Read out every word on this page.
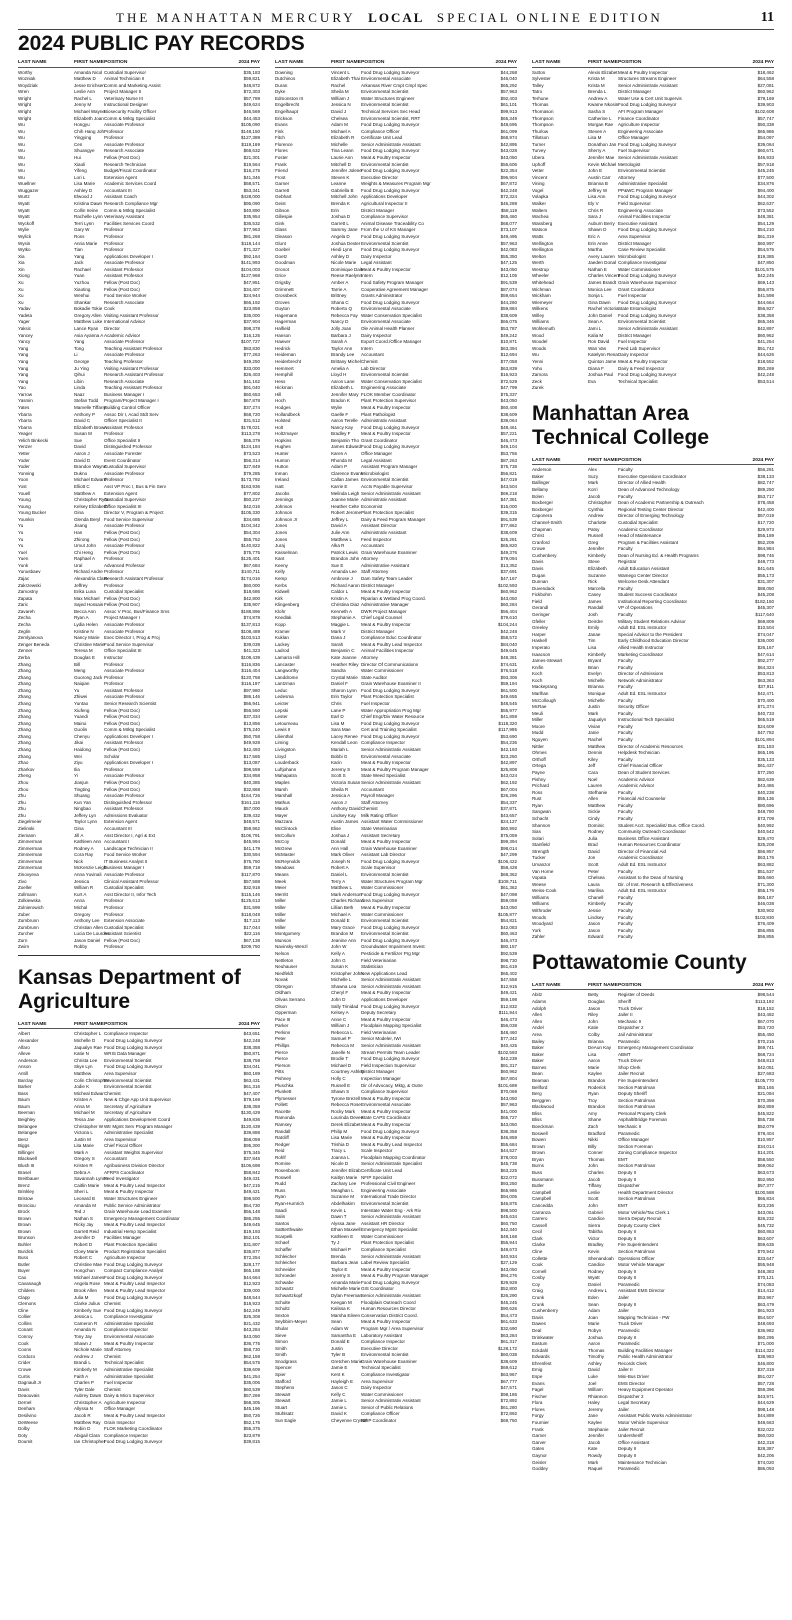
THE MANHATTAN MERCURY LOCAL SPECIAL ONLINE EDITION	11
2024 PUBLIC PAY RECORDS
LAST NAME	FIRST NAME POSITION	2024 PAY
Worthy	Amanda Nicol Custodial Supervisor	$35,183
Wozniak	Matthew D	Animal Technician II	$59,821
Woydziak	Jesse Erichsen Comm and Marketing Assist	$48,872
Wren	Leslie Ann	Project Manager II	$72,303
Wright	Rachel L	Veterinary Nurse III	$57,789
Wright	Jenny M	Instructional Designer	$49,624
Wright	Michael Wayne Biosecurity Facility Officer	$46,569
Wright	Elizabeth Joan Comm & Mrktg Specialist	$44,453
Wu	Hongyu	Associate Professor	$105,090
Wu	Chih Hang Joh Professor	$148,150
Wu	Yingying	Professor	$127,389
Wu	Cen	Associate Professor	$119,169
Wu	Shuangye	Research Associate	$68,632
Wu	Hui	Fellow (Post Doc)	$21,301
Wu	Xiaoli	Research Technician	$19,564
Wu	Yifeng	Budget/Fiscal Coordinator	$16,275
Wu	Lori L	Extension Agent	$41,346
Wuellner	Lisa Marie	Academic Services Coord	$58,571
Wuggazer	Ashley D	Accountant III	$53,341
Wurtz	Elwood J	Assistant Coach	$428,000
Wyatt	Kristina Dawn Research Compliance Mgr	$95,090
Wyatt	Collin Ireine	Comm & Mrktg Specialist	$40,890
Wyatt	Rachelle Lynn Veterinary Assistant	$35,954
Wyckoff	Terri Lynn	Facilities Services Coord	$36,532
Wylie	Gary W	Professor	$77,963
Wylick	Ross	Professor	$81,268
Wysin	Anna Marie	Professor	$118,144
Wytko	Tian	Professor	$71,327
Xia	Yang	Applications Developer I	$92,164
Xia	Jack	Associate Professor	$141,993
Xin	Rachael	Assistant Professor	$104,003
Xiong	Yuan	Assistant Professor	$127,968
Xu	Yuzhou	Fellow (Post Doc)	$47,951
Xu	Xiaoting	Fellow (Post Doc)	$34,407
Xu	Wenhui	Food Service Worker	$24,944
Xu	Shankar	Research Associate	$66,192
Yadav	Bokadie Tokie Cook	$23,859
Yadeta	Gregory Allen Visiting Assistant Professor	$35,000
Yager	Matthew Luke International Advisor	$37,904
Yaksic	Lance Ryan	Director	$98,378
Yancey	Asia Ayanna A Academic Advisor	$16,125
Yancy	Yang	Associate Professor	$107,727
Yang	Tong	Teaching Assistant Professor	$83,830
Yang	Li	Associate Professor	$77,263
Yang	George	Teaching Professor	$49,250
Yang	Ju Ying	Visiting Assistant Professor	$33,000
Yang	Qihui	Research Assistant Professor	$26,403
Yang	Libin	Research Associate	$41,162
Yao	Linda	Teaching Assistant Professor	$91,040
Yarrow	Naaz	Business Manager I	$60,653
Yasmin	Stefan Todd	Program/Project Manager I	$67,878
Yates	Marvelle Tiffany
Building Control Officer	$37,274
Ybarra	Anthony P	Assoc Dir I, Acad Stdt Serv	$68,720
Ybarra	David C	Officer Specialist II	$31,512
Ybarra	Elizabeth Brown
Assistant Professor	$178,021
Yeager	Susan M	Professor	$113,278
Yelich Binkecki	Sue	Office Specialist II	$65,379
Yenzer	David	Distinguished Professor	$124,184
Yetter	Aaron J	Associate Forester	$73,523
Yoder	David D	Event Coordinator	$56,314
Yoder	Brandon Wayne
Custodial Supervisor	$27,849
Yonning	Dukno	Associate Professor	$79,285
Yoon	Michael Edward
Professor	$173,792
Yost	Elliott C	Asst VP Proc I, Bus & Fin Serv	$163,936
Youell	Matthew A	Extension Agent	$77,802
Young	Christopher Ryan
Custodial Supervisor	$50,237
Young	Kelsey Elizabeth
Office Specialist III	$42,016
Young Bucker	Gina	Director V, Program & Project	$105,330
Younkin	Glenda Beryl Food Service Supervisor	$34,685
Yu	Jisang	Associate Professor	$104,342
Yu	Han	Fellow (Post Doc)	$54,304
Yu	Zhirong	Fellow (Post Doc)	$55,752
Yu	Umut John	Associate Professor	$140,822
Yuel	Chi Heng	Fellow (Post Doc)	$75,775
Yuen	Raphael A	Professor	$125,401
Yunk	Ural	Advanced Professor	$67,684
Yunusbaev	Richard Andre Professor	$140,711
Zajac	Alexandria Clare
Research Assistant Professor	$174,016
Zakrzewski	Jeffrey	Professor	$60,000
Zamostny	Erika Luna	Custodial Specialist	$18,686
Zapata	Max Michael Fellow (Post Doc)	$42,800
Zaric	Sajed Hossain Fellow (Post Doc)	$35,907
Zavareh	Becca Ann	Assoc V Proc, Bus/Finance Srvs	$188,896
Zecha	Ryan A	Project Manager I	$74,878
Zecha	Lydia Helen	Associate Professor	$137,813
Zeglin	Kristine N	Associate Professor	$108,489
Zemlyanova	Nancy Marie Exec Director I, Prog & Proj	$103,513
Zenger Beneda	Christine Marie Food Service Supervisor	$39,039
Zenner	Teresa M	Office Specialist III	$41,323
Zerba	Douglas E	Instructor	$108,439
Zhang	Bill	Professor	$116,836
Zhang	Meng	Associate Professor	$116,404
Zhang	Guorong Jack Professor	$120,758
Zhang	Naiqian	Professor	$116,197
Zhang	Yu	Assistant Professor	$97,980
Zhang	Zhiwei	Associate Professor	$86,146
Zhang	Yuntao	Senior Research Scientist	$66,941
Zhang	Xiufeng	Fellow (Post Doc)	$56,560
Zhang	Yuandi	Fellow (Post Doc)	$37,334
Zhang	Mairui	Fellow (Post Doc)	$13,856
Zhang	Guolin	Comm & Mrktg Specialist	$75,240
Zhang	Chenyu	Applications Developer I	$50,758
Zhang	Jikai	Assistant Professor	$49,928
Zhang	Haidong	Fellow (Post Doc)	$42,493
Zhang	Wei	Scholar	$17,565
Zhao	Ziyu	Applications Developer I	$13,087
Zharkov	Ilia	Professor	$98,559
Zheng	Yi	Associate Professor	$34,958
Zhou	Jianjun	Fellow (Post Doc)	$40,385
Zhou	Tingting	Fellow (Post Doc)	$32,868
Zhu	Shuang	Associate Professor	$164,726
Zhu	Kun Yan	Distinguished Professor	$161,116
Zhu	Ningbao	Assistant Professor	$57,000
Zhu	Jeffery Lyn	Admissions Evaluator	$39,432
Ziegelmeier	Taylor Lynn	Extension Agent	$48,571
Zielinski	Gina	Accountant III	$59,962
Ziemann	Jill A	Asst Director I, Agri & Ext	$106,791
Zimmerman	Kathleen Ann Accountant I	$45,994
Zimmerman	Rodney A	Landscape Technician II	$41,179
Zimmerman	Cora Ray	Food Service Worker	$30,594
Zimmerman	Nick	IT Business Analyst II	$76,750
Zimmerman	McKenzie Leigh
Business Manager I	$59,718
Zinovyeva	Anna Yuvinali Associate Professor	$117,870
Zivo	Jessica	Clinical Assistant Professor	$57,588
Zoeller	William R	Custodial Specialist	$32,918
Zollmann	Kurt A	Asst Director II, Infor Tech	$115,146
Zolkiewska	Anna	Professor	$125,613
Zolnierowich	Michal	Professor	$31,599
Zuber	Gregory	Professor	$118,048
Zumbrunn	Anthony Lee Extension Associate	$17,113
Zumbrunn	Christian Allen Custodial Specialist	$17,044
Zurcher	Lucia De Lourdes
Assistant Scientist	$22,116
Zurn	Jason Daniel Fellow (Post Doc)	$67,138
Zwirn	Robby	Professor	$209,750
Kansas Department of Agriculture
LAST NAME	FIRST NAME POSITION	2024 PAY
Albert	Christopher L Compliance Inspector	$43,651
Alexander	Michelle D	Food Drug Lodging Surveyor	$42,248
Alfaro	Jaqualyn Rae Food Drug Lodging Surveyor	$38,358
Alleve	Katie N	WRIS Data Manager	$50,871
Anderson	Christa Lee	Environmental Scientist	$38,759
Anson	Skye Lyn	Food Drug Lodging Surveyor	$34,041
Antill	Matthew	Area Supervisor	$60,189
Barclay	Colin Christopher
Environmental Scientist	$63,431
Barker	Jodie K	Environmental Scientist	$61,316
Bass	Micheal Edwar Chemist	$47,407
Baum	Kristen A	New & Chge App Unit Supervisor	$79,169
Baum	Anna M	Secretary of Agriculture	$38,358
Beeman	Michael M	Secretary of Agriculture	$130,429
Beighley	Tessa Jae	Applications Development Coord	$49,836
Belangee	Christopher W Wtr Mgmt Serv Program Manager	$120,439
Belangee	Victoria L	Administrative Specialist	$39,888
Benz	Justin M	Area Supervisor	$58,059
Biggs	Lita Marie	Chief Fiscal Officer	$95,300
Billinger	Mark A	Assistant Weights Supervisor	$75,345
Blackwell	Gregory S	Accountant	$37,845
Blush III	Kristen R	Agribusiness Division Director	$106,698
Brasel	Debra A	AFRPS Coordinator	$58,842
Breitbauer	Savannah Lynne
Feed Investigator	$49,431
Brenz	Caitlin Marie	Meat & Poultry Lead Inspector	$47,215
Brinkley	Sheri L	Meat & Poultry Inspector	$49,421
Bristow	Leonard B	Water Structures Engineer	$98,500
Brosciou	Amanda M	Public Service Administrator	$54,730
Brock	Ted J	Grain Warehouse Lead Examiner	$56,148
Brown	Nathan S	Emergency Management Coordinator	$86,255
Brown	Ricky Jay	Meat & Poultry Lead Inspector	$49,645
Brown	Garrett Reid	Industrial Hemp Specialist	$19,193
Brunson	Jennifer D	Facilities Manager	$52,101
Buhler	Robert D	Plant Protection Specialist	$31,807
Burdick	Cloey Marie	Product Registration Specialist	$35,877
Buss	Robert C	Agriculture Inspector	$72,254
Butler	Christine Mae Food Drug Lodging Surveyor	$28,177
Buyer	Hongchun	Compact Compliance Analyst	$65,188
Cao	Michael James Food Drug Lodging Surveyor	$44,664
Cavanaugh	Angela Rose Meat & Poultry Lead Inspector	$12,923
Childers	Brook Allen	Meat & Poultry Lead Inspector	$39,000
Clapp	Julia M	Food Drug Lodging Surveyor	$48,544
Clemons	Clarke Julius Chemist	$18,923
Cline	Kimberly Sue Food Drug Lodging Surveyor	$42,249
Collier	Jessica L	Compliance Investigator	$25,308
Collins	Cameron R	Administrative Specialist	$21,432
Conant	Amanda N	Compliance Inspector	$43,284
Conroy	Tony Jay	Environmental Associate	$43,050
Cook	Shawn J	Meat & Poultry Inspector	$36,775
Coons	Nichole Marie Staff Attorney	$58,730
Cordozo	Andrew J	Chemist	$62,159
Crider	Brandi L	Technical Specialist	$54,575
Crowe	Kimberly M	Administrative Specialist	$38,609
Curtis	Faith A	Administrative Specialist	$41,254
Dagnault Jr	Charles P	Fuel Inspector	$35,006
Davis	Tyler Dale	Chemist	$60,539
Deaouvais	Aubrey Dawn Dairy & Micro Supervisor	$57,269
Dernel	Christopher A Agriculture Inspector	$68,305
Denham	Allyssa N	Office Manager	$45,196
Desilvino	Jacob R	Meat & Poultry Lead Inspector	$50,726
DeWeese	Matthew Ray Grain Inspector	$52,175
Dolby	Robin D	FLOK Marketing Coordinator	$55,375
Doty	Abigail Clara Compliance Inspector	$23,879
Doumit	Ian Christopher
Food Drug Lodging Surveyor	$39,815
LAST NAME	FIRST NAME POSITION	2024 PAY
Downing	Vincent L	Food Drug Lodging Surveyor	$44,268
Dutchinos	Elizabeth Thai Environmental Associate	$46,040
Duran	Rachel	Arkansas River Cmpt Cmpl Spec	$65,292
Dyke	Sheila M	Environmental Scientist	$57,963
Edmonston III	William J	Water Structures Engineer	$92,403
Engelbrecht	Jessica N	Environmental Scientist	$61,101
Engelhaupt	David J	Technical Services Sec Head	$99,913
Erickson	Chelsea	Environmental Scientist, RRT	$65,349
Evans	Adam M	Food Drug Lodging Surveyor	$48,695
Fink	Michael A	Compliance Officer	$61,099
Fitch	Elizabeth R	Certificate Unit Lead	$68,974
Florence	Michelle	Senior Administrativ Assistant	$42,895
Flores	Tina Leann	Food Drug Lodging Surveyor	$43,028
Foster	Laurie Ann	Meat & Poultry Inspector	$43,050
Frank	Mitchell D	Environmental Scientist	$56,606
Friend	Jennifer Jolene Food Drug Lodging Surveyor	$22,354
Frost	Steven K	Executive Director	$96,904
Garner	Leanne	Weights & Measures Program Mgr	$67,872
Garrett	Gabriella B	Food Drug Lodging Surveyor	$42,248
Gebhart	Mitchell John Applications Developer	$72,324
Geist	Brenda K	Agricultural Inspector II	$46,289
Gibson	Erin	District Manager	$58,119
Gillespie	Joshua D	Compliance Supervisor	$65,460
Gink	Garrett L	Animal Disease Traceability Co	$68,077
Glass	Sammy Jane From the U of KS Manager	$73,107
Gleason	Angela D	Food Drug Lodging Surveyor	$49,495
Glunt	Joshua Dexter Environmental Scientist	$57,963
Goebel	Hiedi Lynn	Food Drug Lodging Surveyor	$42,083
Goetz	Ashley D	Dairy Inspector	$55,350
Goodman	Nicole Marie	Legal Assistant	$47,125
Gronot	Dominique Dale
Meat & Poultry Inspector	$43,050
Grice	Reese Raelynn
Intern	$12,105
Grigsby	Amber A	Food Safety Program Manager	$91,539
Grimmett	Tarrie A	Cooperative Agreement Manager	$87,074
Grossbeck	Brittney	Grants Administrator	$59,654
Groves	Shana C	Food Drug Lodging Surveyor	$44,260
Guyton	Roberto Q	Environmental Associate	$59,884
Hagemann	Rebecca Fay Water Conservation Specialist	$38,609
Hagerman	Nancy D	Environmental Associate	$66,075
Halfield	Jolly Joan	Ole Animal Health Planner	$53,787
Hanson	Barbara J	Dairy Inspector	$49,242
Hawver	Sarah A	Export Coord./Office Manager	$10,871
Hedrick	Taylor Ann	Intern	$63,394
Heideman	Brandy Lee	Accountant	$12,694
Heiderbrecht	Brittany Michel Chemist	$77,058
Hemmert	Amelia A	Lab Director	$63,839
Hemphill	Lloyd H	Environmental Scientist	$16,923
Hess	Aaron Lane	Water Conservation Specialist	$72,529
Hickman	Elizabeth L	Engineering Associate	$47,799
Hill	Jennifer Mary FLOK Member Coordinator	$75,337
Hoch	Bradon K	Plant Protection Supervisor	$43,050
Hodges	Wylie	Meat & Poultry Inspector	$60,408
Hollandbeck	Gaelle F	Plant Pathologist	$38,609
Holsted	Aaron Terelle Administrativ Assistant	$39,064
Holt	Nancy Kay	Food Drug Lodging Surveyor	$48,461
Holtzmayer	Bradley F	Meat & Poultry Inspector	$57,221
Hopkins	Benjamin Tho Grant Coordinator	$46,473
Hughes	James Edward Food Drug Lodging Surveyor	$49,104
Hunter	Karen A	Office Manager	$53,755
Hunton	Rhonda M	Legal Assistant	$87,263
Hutton	Adam P	Assistant Program Manager	$75,738
Inman	Clarence Evans
Microbiologist	$56,821
Ireland	Callan James Environmental Scientist	$47,019
Isatt	Karrie E	Accts Payable Supervisor	$43,504
Jacobs	Melinda Leigh Senior Administrativ Assistant	$69,218
Jennings	Joanne Marie Administrativ Assistant	$47,381
Johnson	Heather Celte Economist	$15,000
Johnson	Robert Jerome Plant Protection Specialist	$39,315
Johnson Jr	Jeffrey L	Dairy & Feed Program Manager	$91,539
Jones	David A	Assistant Director	$77,862
Jones	Julie Ann	Administrativ Assistant	$38,609
Jones	Matthew L	Feed Inspector	$25,281
Juraj	Alka R	Accountant	$65,820
Kasselman	Patrick Lewis Grain Warehouse Examiner	$49,376
Kant	Brandon John Attorney	$79,094
Keeny	Sue E	Administrative Assistant	$13,352
Kelly	Amanda Lee Staff Attorney	$37,691
Kemp	Ambrose J	Dam Safety Team Leader	$47,167
Kerbs	Richard Aaron District Manager	$102,593
Kidwell	Caldor L	Meat & Poultry Inspector	$60,962
Kirk	Kristin A	Riparian & Wetland Prog Coord.	$43,050
Klingenberg	Christina Diaz Administrative Manager	$60,284
Klohr	Kenneth A	DWR Project Manager	$56,404
Knedlak	Stephanie A	Chief Legal Counsel	$79,610
Kopp	Maggie L	Meat & Poultry Inspector	$104,244
Kramer	Mark V	District Manager	$42,248
Kuklan	Dana J	Compliance Educ Coordinator	$58,572
Lackey	Sarah	Meat & Poultry Lead Inspector	$84,040
Ladrod	Benjamin C	Animal Facilities Inspector	$49,645
Lamarra Hill	Kate Joanne Attorney	$48,381
Lancaster	Heather Riley Director Of Communications	$74,631
Langworthy	Sandra	Water Commissioner	$76,518
Landdrome	Crystal Marie State Auditor	$93,306
Lantzman	Daniel F	Grain Warehouse Examiner II	$59,194
Leduc	Sharon Lynn Food Drug Lodging Surveyor	$61,500
Ledesma	Erin Taylor	Plant Protection Specialist	$49,655
Leicter	Chris	Fuel Inspector	$48,545
Lepski	Lane P	Water Appropriation Prog Mgr	$55,977
Lester	Earl D	Chief Engr/Div Water Resource	$41,859
Letourneau	Lisa M	Food Drug Lodging Surveyor	$118,320
Lewis II	Sara Mae	Cert and Training Specialist	$117,995
Lilienthal	Lacey Renee Food Drug Lodging Surveyor	$53,690
Liming	Kendall Leon Compliance Inspector	$54,236
Livingston	Mariah L	Senior Administrativ Assistant	$42,193
Lloyd	Bobbi G	Environmental Associate	$23,250
Louderback	Karin	Meat & Poultry Inspector	$42,897
Luftjohann	Jeremy S	Meat & Poultry Program Manager	$25,808
Mahapatra	Scott S	State Weed Specialist	$43,024
Maples	Victoria Susan Senior Administrativ Assistant	$62,192
Marsh	Sheila R	Accountant	$67,004
Marshall	Jessica A	Payroll Manager	$26,296
Mathus	Aaron J	Staff Attorney	$54,337
Mauck	Anthony David Chemist	$37,871
Mayer	Lindsey Kay	Milk Rating Officer	$43,657
Mazzara	Austin James Assistant Water Commissioner	$24,127
McClintock	Elise	State Veterinarian	$60,992
McCollum	Joshua J	Assistant Secretary	$75,059
McCoy	Donald	Meat & Poultry Inspector	$99,394
McGrew	Ann Hall	Grain Warehouse Examiner	$98,014
McMaster	Mark Oliver	Assistant Lab Director	$47,299
McReynolds	Joseph N	Food Drug Lodging Surveyor	$106,422
Meadows	Robert A	Scale Supervisor	$58,428
Means	Daniel L	Environmental Scientist	$68,362
Meek	Terry A	Water Structures Program Mgr	$108,711
Meier	Matthew L	Water Commissioner	$61,362
Merritt	Mark Anderson Food Drug Lodging Surveyor	$47,098
Miller	Charles Richard
Area Supervisor	$59,059
Miller	Lillian Beth	Meat & Poultry Inspector	$43,050
Miller	Michael A	Water Commissioner	$105,877
Miller	Donald E	Environmental Scientist	$54,821
Miller	Mary Grace	Food Drug Lodging Surveyor	$42,083
Montgomery	Brandon M	Environmental Scientist	$60,463
Munson	Jeanine Ann	Food Drug Lodging Surveyor	$46,473
Navinsky-Wenzl	John W	Groundwater Impairment Invest	$80,157
Nelson	Kelly A	Pesticide & Fertilizer Prg Mgr	$92,539
Nettleton	John G	Field Veterinarian	$98,730
Neuhauser	Susan K	Statistician	$61,619
Niedfeldt	Kristopher John
New Applications Lead	$65,402
Novak	Michelle L	Senior Administrativ Assistant	$47,558
Obregon	Shawna Lea	Senior Administrativ Assistant	$12,915
Oldham	Cheryl F	Meat & Poultry Inspector	$49,421
Olivas Serrano	John D	Applications Developer	$59,198
Olson	Sally Trinidad Food Drug Lodging Surveyor	$12,832
Opperman	Kelsey A	Deputy Secretary	$111,944
Pace III	Anne C	Meat & Poultry Inspector	$46,473
Parker	William J	Floodplain Mapping Specialist	$56,038
Perkins	Rebecca L	Field Veterinarian	$48,460
Peter	Samuel P	Senior Modeler, IWI	$77,342
Phillips	Rebecca M	Senior Administrativ Assistant	$40,425
Pierce	Janelle N	Stream Permits Team Leader	$102,593
Pierce	Brodie T	Food Drug Lodging Surveyor	$42,239
Pierson	Michael D	Field Inspection Supervisor	$81,317
Pitts	Courtney Ashley
District Manager	$60,962
Pishney	Holly C	Inspection Manager	$67,804
Pluschka	Russell E	Dir of Advocacy, Mktg, & Outre	$101,689
Plunkett	Shawn S	Compliance Supervisor	$70,069
Plymesser	Tyrone Brezell Meat & Poultry Inspector	$43,050
Pollett	Rebecca Rose Environmental Associate	$57,963
Racette	Rocky Mark	Meat & Poultry Inspector	$41,000
Ramonda	Lourinda Devee
State CAPS Coordinator	$65,727
Ramsey	Derek Elizabet Meat & Poultry Inspector	$43,050
Randall	Philip M	Food Drug Lodging Surveyor	$38,358
Ratcliff	Lisa Marie	Meat & Poultry Inspector	$46,859
Redger	Trishia D	Meat & Poultry Lead Inspector	$55,684
Reid	Tracy L	Scale Inspector	$44,527
Rohlf	Joanna L	Floodplain Mapping Coordinator	$78,003
Romine	Nicole D	Senior Administrativ Specialist	$45,738
Rosenboom	Jennifer Elizab Certificate Unit Lead	$63,225
Roswell	Kaitlyn Marie NFIP Specialist	$22,072
Rudd	Zachary Lee	Professional Civil Engineer	$93,250
Russ	Meaghan L	Engineering Associate	$65,986
Ryan	Suzanne M	International Trade Director	$94,005
Ryan-Humrich	Abdelhakim	Environmental Scientist	$46,875
Saadi	Kevin L	Interstate Water Eng - Ark Riv	$98,500
Salin	Dawn T	Senior Administrativ Assistant	$45,634
Santos	Alyssa Jane	Assistant HR Director	$60,750
Sattterthwaite	Ethan Maxwell Emergency Mgmt Specialist	$42,340
Scarpelli	Kathleen E	Water Commissioner	$48,168
Schaef	Ty J	Plant Protection Specialist	$55,944
Schaffer	Michael P	Compliance Specialist	$48,673
Schleicher	Brenda	Senior Administrativ Assistant	$40,934
Schleicher	Barbara Jean Label Review Specialist	$27,129
Schneider	Taylor E	Meat & Poultry Inspector	$43,050
Schroeder	Jeremy S	Meat & Poultry Program Manager	$94,276
Schwabe	Amanda Marie Food Drug Lodging Surveyor	$29,928
Schwartz	Michelle Marie GIS Coordinator	$52,800
Schwartzkopf	Dylan Freeman
Senior Administrativ Assistant	$26,290
Schulte	Keegan M	Floodplain Outreach Coord	$45,245
Schultz	Kalissa K	Human Resources Director	$90,626
Sexton	Marsha Eileen Conservation District Coord.	$54,473
Seybbirn-Meyer	Sean	Meat & Poultry Inspector	$61,633
Shular	Adam W	Program Mgr / Area Supervisor	$32,690
Sieve	Samantha E	Laboratory Assistant	$63,284
Simon	Donald E	Compliance Inspector	$61,317
Smith	Justin	Executive Director	$128,172
Smith	Tyler B	Environmental Scientist	$60,038
Snodgrass	Gretchen Marie
Grain Warehouse Examiner	$38,609
Spencer	Jamie E	Technical Specialist	$69,612
Spier	Kent K	Compliance Investigator	$63,967
Stafford	Hayleigh E	Area Supervisor	$67,777
Stephens	Jason C	Dairy Inspector	$47,571
Stewart	Kelly C	Water Commissioner	$98,186
Stewart	Jamie L	Senior Administrativ Assistant	$72,892
Stuart	Jamie L	Senior of Public Relations	$61,280
Stuhlsatz	David K	Compliance Officer	$72,892
Sun Eagle	Cheyenne Crystal
NFIP Coordinator	$69,750
LAST NAME	FIRST NAME POSITION	2024 PAY
Sutton	Alexis Elizabet Meat & Poultry Inspector	$18,462
Sylvester	Krista M	Structures Streams Engineer	$64,558
Talley	Krista M	Senior Administrativ Assistant	$27,081
Tatro	Brenda L	District Manager	$60,962
Terhune	Andrew A	Water Use & Cert Unit Supervis	$79,169
Thomas	Kwame Nkosin Food Drug Lodging Surveyor	$39,903
Thomason	Sasha S	AFI Program Manager	$102,608
Thompson	Catherine L	Finance Coordinator	$57,747
Thompson	Morgan Rae	Agriculture Inspector	$50,338
Thurlow	Steven A	Engineering Associate	$65,986
Tillotson	Lisa M	Office Manager	$54,097
Turner	Donathon Jan Food Drug Lodging Surveyor	$39,064
Turvey	Sherry A	Fuel Supervisor	$60,671
Ubera	Jennifer Mae Senior Administrativ Assistant	$46,933
Uphoff	Kevin Michael Metrologist	$57,918
Vetter	John E	Environmental Scientist	$45,245
Vincent	Austin Carr	Attorney	$77,500
Vining	Brianna B	Administrative Specialist	$34,876
Vogel	Jeffrey W	PP&WC Program Manager	$94,400
Volapka	Lisa Ann	Food Drug Lodging Surveyor	$44,302
Walker	Ely V	Field Supervisor	$62,637
Walters	Chris R	Engineering Associate	$73,552
Wachea	Sara J	Animal Facilities Inspector	$48,381
Wassberg	Auburn Berry Executive Assistant	$54,129
Watson	Shawn D	Food Drug Lodging Surveyor	$54,210
Watts	Eric A	Area Supervisor	$61,319
Wellington	Erin Anne	District Manager	$60,997
Wellington	Martha	Case Review Specialist	$54,575
Welton	Avery Lauren Microbiologist	$19,385
Werth	Jaeden Donal Compliance Investigator	$47,850
Westrup	Nathan E	Water Commissioner	$101,575
Wheeler	Charles Vincent
Food Drug Lodging Surveyor	$42,245
Whitehead	James Brandt Grain Warehouse Supervisor	$69,143
Wichman	Monica Lee	Grant Coordinator	$56,875
Wickham	Sonja L	Fuel Inspector	$41,598
Wiemeyer	Gina Dawn	Food Drug Lodging Surveyor	$44,664
Wilkens	Rachel Victoria State Entomologist	$56,927
Willey	John Daniel	Food Drug Lodging Surveyor	$38,358
Williams	Sean A	Environmental Scientist	$65,346
Wohlemuth	Jami L	Senior Administrativ Assistant	$42,897
Wood	Kalia M	District Manager	$60,962
Woodel	Ron David	Fuel Inspector	$41,254
Woods	Wan Van	Feed Lab Supervisor	$51,742
Wu	Katelynn Rena Dairy Inspector	$44,626
Yenni	Quinton Jame Meat & Poultry Inspector	$18,552
Yoho	Diana F	Dairy & Feed Inspector	$50,269
Zamora	Joshua Paul	Food Drug Lodging Surveyor	$42,248
Zeck	Eva	Technical Specialist	$53,514
Zurek
Manhattan Area Technical College
LAST NAME	FIRST NAME POSITION	2024 PAY
Anderson	Alex	Faculty	$56,281
Baker	Suzy	Executive Operations Coordinator	$38,133
Ballinger	Mark	Director of Allied Health	$82,747
Bellamy	Korri	Dean of Advanced Technology	$89,250
Bolen	Jacob	Faculty	$53,717
Boxberger	Christopher	Dean of Academic Partnership & Outreach	$78,458
Boxberger	Cynthia	Regional Testing Center Director	$42,400
Caponera	Andrew	Director of Emerging Technology	$57,019
Channel-Smith	Charlotte	Custodial Specialist	$17,720
Chapman	Patsy	Academic Coordinator	$29,973
Christ	Russell	Head of Maintenance	$55,189
Cranford	Greg	Program & Facilities Assistant	$52,209
Crowe	Jennifer	Faculty	$64,984
Cushenbery	Kimberly	Dean of Nursing Ed. & Health Programs	$98,746
Davis	Steve	Registrar	$48,773
Davis	Elizabeth	Adult Education Assistant	$41,645
Dugan	Suzanne	Wamego Center Director	$55,173
Dunnan	Rick	Welcome Desk Attendant	$31,307
Duvendack	Marcella	Faculty	$88,050
Fickbohm	Casey	Student Success Coordinator	$45,208
Field	James	Institutional Reporting Coordinator	$182,150
Gerandl	Randall	VP of Operations	$45,307
Geringer	Josh	Faculty	$117,640
Gfeller	Deirdre	Military Student Relations Advisor	$69,809
Greeley	Emily	Adult Ed. ESL Instructor	$10,504
Harper	Janae	Special Advisor to the President	$74,047
Haskell	Tim	Early Childhood Education Director	$36,000
Imperato	Lisa	Allied Health Instructor	$26,167
Isaacson	Kimberly	Marketing Coordinator	$47,614
James-Stewart	Bryant	Faculty	$92,277
Knifin	Brian	Faculty	$64,324
Koch	Evelyn	Director of Admissions	$53,813
Koch	Michelle	Network Administrator	$63,363
Mackeprang	Brianna	Faculty	$37,911
Marlhan	Monique	Adult Ed. ESL Instructor	$42,471
McCollough	Michelle	Faculty	$70,400
McRae	Justin	Security Officer	$71,374
Meuli	Mark	Faculty	$40,733
Miller	Jaqualyn	Instructional Tech Specialist	$65,519
Moore	Vivian	Faculty	$24,609
Mudd	Janie	Faculty	$47,782
Nguyen	Rachel	Faculty	$101,894
Nittler	Matthew	Director of Academic Resources	$31,183
Ohmes	Dennis	Helpdesk Technician	$65,195
Orthoff	Kiley	Faculty	$35,133
Ortega	Jeff	Chief Financial Officer	$61,437
Payne	Cara	Dean of Student Services	$77,250
Pishny	Noel	Academic Advisor	$82,639
Prichard	Lauren	Academic Advisor	$43,486
Ross	Stefhanie	Faculty	$40,238
Rust	Allen	Financial Aid Counselor	$55,136
Ryan	Matthew	Faculty	$80,696
Sangwan	Sickie	Faculty	$48,780
Schacht	Cindy	Faculty	$73,709
Shannon	Dominic	Student Acct. Specialist/ Bus. Office Coord.	$40,992
Sias	Rodney	Community Outreach Coordinator	$40,542
Solari	Julia	Business Office Assistant	$29,470
Stanfield	Brad	Human Resources Coordinator	$25,208
Strength	David	Director of Financial Aid	$56,957
Tucker	Jon	Academic Coordinator	$63,176
Umanzor	Scott	Adult Ed. ESL Instructor	$63,882
Van Horne	Peter	Faculty	$51,537
Vopata	Chelsea	Assistant to the Dean of Nursing	$65,660
Weese	Laura	Dir. of Inst. Research & Effectiveness	$71,300
Weiss-Cook	Marilisa	Adult Ed. ESL Instructor	$55,176
Williams	Chanell	Faculty	$65,187
Williams	Kimberly	Faculty	$46,038
Withroder	Jessie	Faculty	$30,902
Woods	Lindsey	Faculty	$103,830
Woodyard	Jason	Faculty	$76,409
York	Jason	Faculty	$56,855
Zahler	Edward	Faculty	$56,855
Pottawatomie County
LAST NAME	FIRST NAME POSITION	2024 PAY
Abitz	Betty	Register of Deeds	$98,544
Adams	Douglas	Sheriff	$113,192
Adolph	Jason	Truck Driver	$18,152
Allen	Riley	Jailer II	$43,482
Allen	John	Mechanic II	$67,070
Andel	Katie	Dispatcher 2	$53,720
Area	Colby	Jail Administrator	$55,450
Bailey	Brianna	Paramedic	$70,216
Baker	DeAun Kay	Emergency Management Coordinator	$69,741
Baker	Lisa	ABMT	$68,724
Baker	Aaron	Truck Driver	$48,813
Barnes	Marie	Shop Clerk	$42,051
Bean	Kaylee	Jailer Recruit	$27,683
Beaman	Brandon	Fire Superintendent	$105,770
Bellford	Roderick	Section Patrolman	$53,165
Berg	Ryan	Deputy Sheriff	$21,094
Berggren	Troy	Section Patrolman	$70,359
Blackwood	Brandon	Section Patrolman	$62,859
Bliss	Amy	Personal Property Clerk	$45,822
Bliss	Shane	Asphalt/Bridge Foreman	$55,738
Boeckman	Zach	Mechanic II	$52,079
Boswell	Bradford	Paramedic	$78,404
Bowen	Nikki	Office Manager	$10,957
Brown	Billy	Section Foreman	$34,014
Brown	Conner	Zoning Compliance Inspector	$14,201
Bryan	Thomas	EMT	$58,550
Burns	John	Section Patrolman	$69,062
Buss	Charles	Deputy II	$63,673
Bussmann	Jacob	Deputy II	$52,950
Butler	Tiffany	Dispatcher	$57,377
Campbell	Leslie	Health Department Director	$100,588
Campbell	Scott	Section Patrolman	$66,834
Cancedda	John	EMT	$23,236
Carranza	Gabriel	Motor Vehicle/Tax Clerk 1	$43,061
Carrero	Candice	Sierra Deputy Recruit	$26,232
Cassell	Sierra	Deputy County Clerk	$45,732
Cecil	Tabitha	Deputy II	$60,863
Clark	Victor	Deputy II	$63,607
Clarke	Bradley	Fire Superintendent	$59,635
Cline	Kevin	Section Patrolman	$70,942
Collette	Shenandoah Operations Officer	$33,647
Cook	Candice	Motor Vehicle Manager	$55,948
Cornell	Rodney	Deputy II	$48,383
Cosby	Wyatt	Deputy II	$70,121
Coy	Daniel	Paramedic	$74,083
Craig	Andrew L	Assistant EMS Director	$14,412
Crunk	Eden	Jailer	$53,967
Crunk	Sean	Deputy II	$63,479
Cushenberry	Adam	Jailer	$61,923
Davis	Joan	Mapping Technician - PW	$54,507
Dawes	Marie	Truck Driver	$48,693
Deal	Robyn	Paramedic	$36,982
Drinkwater	Joshua	Deputy II	$60,295
Eastum	Aaron	Paramedic	$71,000
Eckdahl	Thomas	Building Facilities Manager	$114,322
Edwards	Timothy	Public Health Administrator	$38,983
Ehrenfest	Ashley	Records Clerk	$46,800
Emig	David	Jailer II	$37,319
Espe	Luke	Mini-Bus Driver	$51,027
Evans	Joel	EMS Director	$57,728
Fagel	William	Heavy Equipment Operator	$59,396
Fischer	Rhiannon	Dispatcher 2	$43,971
Flora	Haley	Legal Secretary	$44,629
Flores	Jeremy	Jailer	$98,148
Forgy	Jane	Assistant Public Works Administrator	$44,889
Fournier	Kaylee	Motor Vehicle Supervisor	$48,663
Frank	Stephanie	Jailer Recruit	$32,022
Garner	Jennifer	Undersheriff	$60,020
Garver	Jacob	Office Assistant	$42,318
Gates	Kate	Deputy II	$28,387
Gaynor	Rowdy	Deputy II	$42,206
Geisler	Mark	Maintenance Technician	$74,020
Goddey	Raquel	Paramedic	$86,093
